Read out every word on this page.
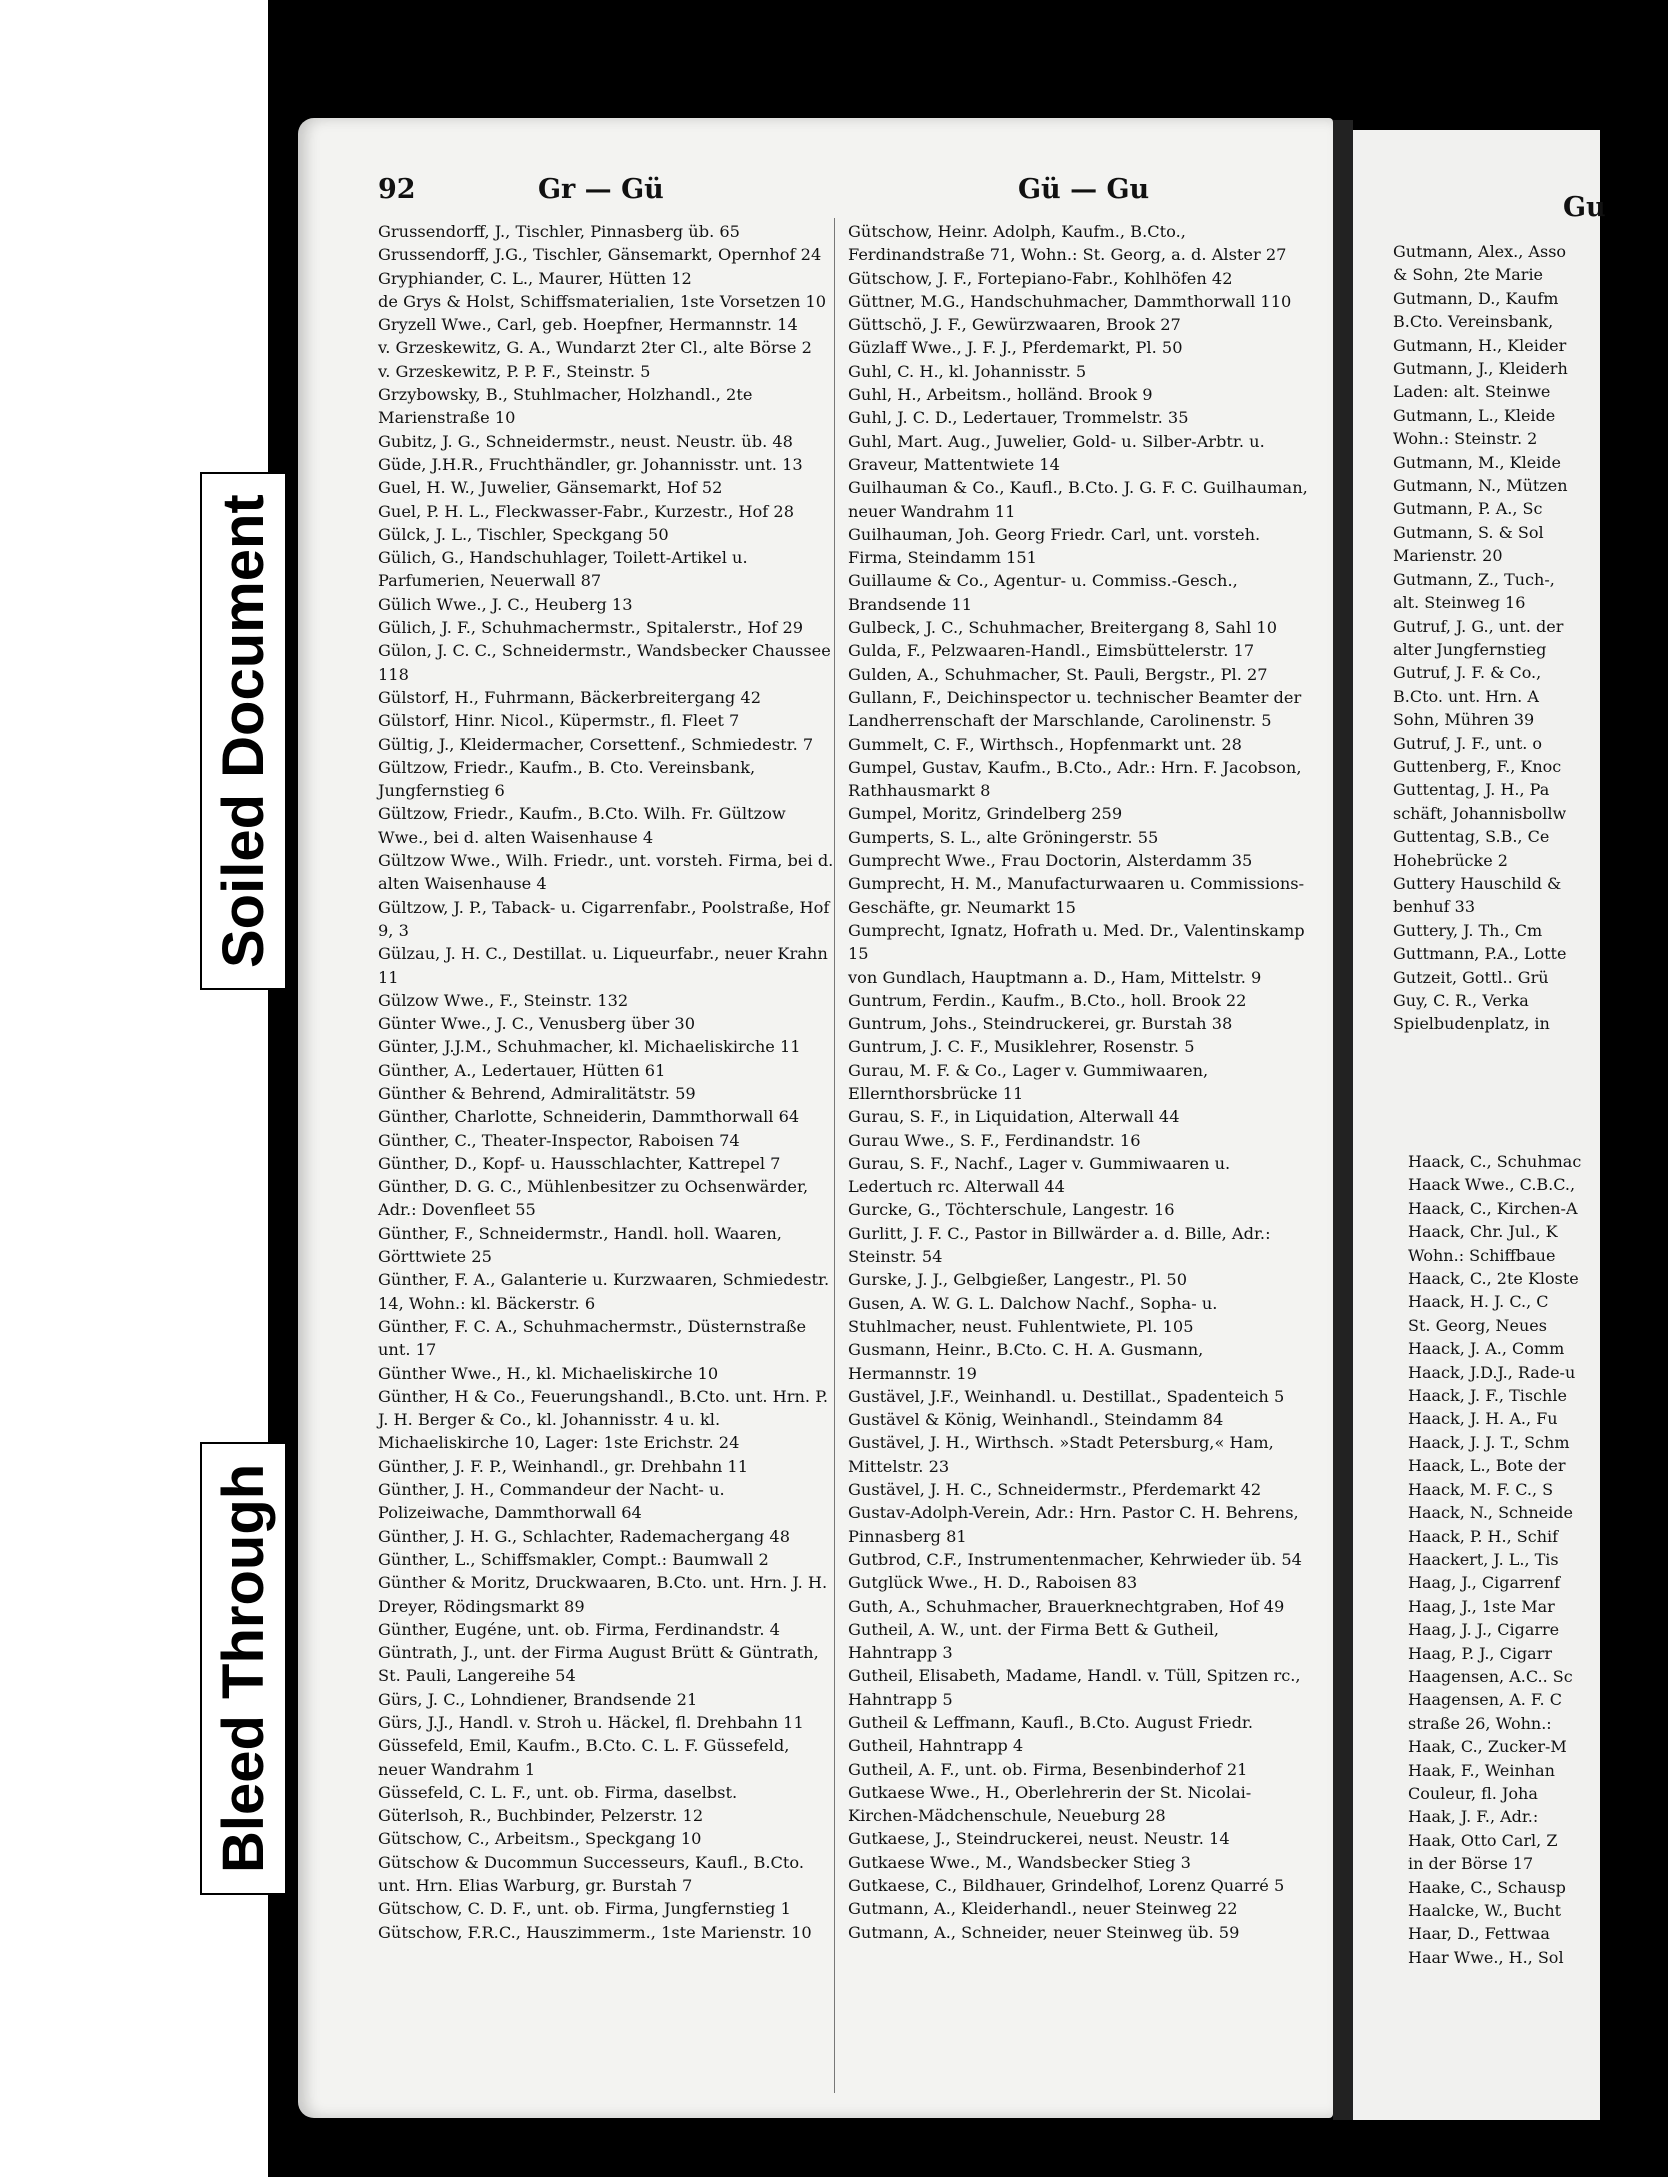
Soiled Document
Bleed Through
92	Gr — Gü	Gü — Gu
Grussendorff, J., Tischler, Pinnasberg üb. 65
Grussendorff, J.G., Tischler, Gänsemarkt, Opernhof 24
Gryphiander, C. L., Maurer, Hütten 12
de Grys & Holst, Schiffsmaterialien, 1ste Vorsetzen 10
Gryzell Wwe., Carl, geb. Hoepfner, Hermannstr. 14
v. Grzeskewitz, G. A., Wundarzt 2ter Cl., alte Börse 2
v. Grzeskewitz, P. P. F., Steinstr. 5
Grzybowsky, B., Stuhlmacher, Holzhandl., 2te Marienstraße 10
Gubitz, J. G., Schneidermstr., neust. Neustr. üb. 48
Güde, J.H.R., Fruchthändler, gr. Johannisstr. unt. 13
Guel, H. W., Juwelier, Gänsemarkt, Hof 52
Guel, P. H. L., Fleckwasser-Fabr., Kurzestr., Hof 28
Gülck, J. L., Tischler, Speckgang 50
Gülich, G., Handschuhlager, Toilett-Artikel u. Parfumerien, Neuerwall 87
Gülich Wwe., J. C., Heuberg 13
Gülich, J. F., Schuhmachermstr., Spitalerstr., Hof 29
Gülon, J. C. C., Schneidermstr., Wandsbecker Chaussee 118
Gülstorf, H., Fuhrmann, Bäckerbreitergang 42
Gülstorf, Hinr. Nicol., Küpermstr., fl. Fleet 7
Gültig, J., Kleidermacher, Corsettenf., Schmiedestr. 7
Gültzow, Friedr., Kaufm., B. Cto. Vereinsbank, Jungfernstieg 6
Gültzow, Friedr., Kaufm., B.Cto. Wilh. Fr. Gültzow Wwe., bei d. alten Waisenhause 4
Gültzow Wwe., Wilh. Friedr., unt. vorsteh. Firma, bei d. alten Waisenhause 4
Gültzow, J. P., Taback- u. Cigarrenfabr., Poolstraße, Hof 9, 3
Gülzau, J. H. C., Destillat. u. Liqueurfabr., neuer Krahn 11
Gülzow Wwe., F., Steinstr. 132
Günter Wwe., J. C., Venusberg über 30
Günter, J.J.M., Schuhmacher, kl. Michaeliskirche 11
Günther, A., Ledertauer, Hütten 61
Günther & Behrend, Admiralitätstr. 59
Günther, Charlotte, Schneiderin, Dammthorwall 64
Günther, C., Theater-Inspector, Raboisen 74
Günther, D., Kopf- u. Hausschlachter, Kattrepel 7
Günther, D. G. C., Mühlenbesitzer zu Ochsenwärder, Adr.: Dovenfleet 55
Günther, F., Schneidermstr., Handl. holl. Waaren, Görttwiete 25
Günther, F. A., Galanterie u. Kurzwaaren, Schmiedestr. 14, Wohn.: kl. Bäckerstr. 6
Günther, F. C. A., Schuhmachermstr., Düsternstraße unt. 17
Günther Wwe., H., kl. Michaeliskirche 10
Günther, H & Co., Feuerungshandl., B.Cto. unt. Hrn. P. J. H. Berger & Co., kl. Johannisstr. 4 u. kl. Michaeliskirche 10, Lager: 1ste Erichstr. 24
Günther, J. F. P., Weinhandl., gr. Drehbahn 11
Günther, J. H., Commandeur der Nacht- u. Polizeiwache, Dammthorwall 64
Günther, J. H. G., Schlachter, Rademachergang 48
Günther, L., Schiffsmakler, Compt.: Baumwall 2
Günther & Moritz, Druckwaaren, B.Cto. unt. Hrn. J. H. Dreyer, Rödingsmarkt 89
Günther, Eugéne, unt. ob. Firma, Ferdinandstr. 4
Güntrath, J., unt. der Firma August Brütt & Güntrath, St. Pauli, Langereihe 54
Gürs, J. C., Lohndiener, Brandsende 21
Gürs, J.J., Handl. v. Stroh u. Häckel, fl. Drehbahn 11
Güssefeld, Emil, Kaufm., B.Cto. C. L. F. Güssefeld, neuer Wandrahm 1
Güssefeld, C. L. F., unt. ob. Firma, daselbst.
Güterlsoh, R., Buchbinder, Pelzerstr. 12
Gütschow, C., Arbeitsm., Speckgang 10
Gütschow & Ducommun Successeurs, Kaufl., B.Cto. unt. Hrn. Elias Warburg, gr. Burstah 7
Gütschow, C. D. F., unt. ob. Firma, Jungfernstieg 1
Gütschow, F.R.C., Hauszimmerm., 1ste Marienstr. 10
Gütschow, Heinr. Adolph, Kaufm., B.Cto., Ferdinandstraße 71, Wohn.: St. Georg, a. d. Alster 27
Gütschow, J. F., Fortepiano-Fabr., Kohlhöfen 42
Güttner, M.G., Handschuhmacher, Dammthorwall 110
Güttschö, J. F., Gewürzwaaren, Brook 27
Güzlaff Wwe., J. F. J., Pferdemarkt, Pl. 50
Guhl, C. H., kl. Johannisstr. 5
Guhl, H., Arbeitsm., holländ. Brook 9
Guhl, J. C. D., Ledertauer, Trommelstr. 35
Guhl, Mart. Aug., Juwelier, Gold- u. Silber-Arbtr. u. Graveur, Mattentwiete 14
Guilhauman & Co., Kaufl., B.Cto. J. G. F. C. Guilhauman, neuer Wandrahm 11
Guilhauman, Joh. Georg Friedr. Carl, unt. vorsteh. Firma, Steindamm 151
Guillaume & Co., Agentur- u. Commiss.-Gesch., Brandsende 11
Gulbeck, J. C., Schuhmacher, Breitergang 8, Sahl 10
Gulda, F., Pelzwaaren-Handl., Eimsbüttelerstr. 17
Gulden, A., Schuhmacher, St. Pauli, Bergstr., Pl. 27
Gullann, F., Deichinspector u. technischer Beamter der Landherrenschaft der Marschlande, Carolinenstr. 5
Gummelt, C. F., Wirthsch., Hopfenmarkt unt. 28
Gumpel, Gustav, Kaufm., B.Cto., Adr.: Hrn. F. Jacobson, Rathhausmarkt 8
Gumpel, Moritz, Grindelberg 259
Gumperts, S. L., alte Gröningerstr. 55
Gumprecht Wwe., Frau Doctorin, Alsterdamm 35
Gumprecht, H. M., Manufacturwaaren u. Commissions-Geschäfte, gr. Neumarkt 15
Gumprecht, Ignatz, Hofrath u. Med. Dr., Valentinskamp 15
von Gundlach, Hauptmann a. D., Ham, Mittelstr. 9
Guntrum, Ferdin., Kaufm., B.Cto., holl. Brook 22
Guntrum, Johs., Steindruckerei, gr. Burstah 38
Guntrum, J. C. F., Musiklehrer, Rosenstr. 5
Gurau, M. F. & Co., Lager v. Gummiwaaren, Ellernthorsbrücke 11
Gurau, S. F., in Liquidation, Alterwall 44
Gurau Wwe., S. F., Ferdinandstr. 16
Gurau, S. F., Nachf., Lager v. Gummiwaaren u. Ledertuch rc. Alterwall 44
Gurcke, G., Töchterschule, Langestr. 16
Gurlitt, J. F. C., Pastor in Billwärder a. d. Bille, Adr.: Steinstr. 54
Gurske, J. J., Gelbgießer, Langestr., Pl. 50
Gusen, A. W. G. L. Dalchow Nachf., Sopha- u. Stuhlmacher, neust. Fuhlentwiete, Pl. 105
Gusmann, Heinr., B.Cto. C. H. A. Gusmann, Hermannstr. 19
Gustävel, J.F., Weinhandl. u. Destillat., Spadenteich 5
Gustävel & König, Weinhandl., Steindamm 84
Gustävel, J. H., Wirthsch. »Stadt Petersburg,« Ham, Mittelstr. 23
Gustävel, J. H. C., Schneidermstr., Pferdemarkt 42
Gustav-Adolph-Verein, Adr.: Hrn. Pastor C. H. Behrens, Pinnasberg 81
Gutbrod, C.F., Instrumentenmacher, Kehrwieder üb. 54
Gutglück Wwe., H. D., Raboisen 83
Guth, A., Schuhmacher, Brauerknechtgraben, Hof 49
Gutheil, A. W., unt. der Firma Bett & Gutheil, Hahntrapp 3
Gutheil, Elisabeth, Madame, Handl. v. Tüll, Spitzen rc., Hahntrapp 5
Gutheil & Leffmann, Kaufl., B.Cto. August Friedr. Gutheil, Hahntrapp 4
Gutheil, A. F., unt. ob. Firma, Besenbinderhof 21
Gutkaese Wwe., H., Oberlehrerin der St. Nicolai-Kirchen-Mädchenschule, Neueburg 28
Gutkaese, J., Steindruckerei, neust. Neustr. 14
Gutkaese Wwe., M., Wandsbecker Stieg 3
Gutkaese, C., Bildhauer, Grindelhof, Lorenz Quarré 5
Gutmann, A., Kleiderhandl., neuer Steinweg 22
Gutmann, A., Schneider, neuer Steinweg üb. 59
Gu
Gutmann, Alex., Asso
& Sohn, 2te Marie
Gutmann, D., Kaufm
B.Cto. Vereinsbank,
Gutmann, H., Kleider
Gutmann, J., Kleiderh
Laden: alt. Steinwe
Gutmann, L., Kleide
Wohn.: Steinstr. 2
Gutmann, M., Kleide
Gutmann, N., Mützen
Gutmann, P. A., Sc
Gutmann, S. & Sol
Marienstr. 20
Gutmann, Z., Tuch-,
alt. Steinweg 16
Gutruf, J. G., unt. der
alter Jungfernstieg
Gutruf, J. F. & Co.,
B.Cto. unt. Hrn. A
Sohn, Mühren 39
Gutruf, J. F., unt. o
Guttenberg, F., Knoc
Guttentag, J. H., Pa
schäft, Johannisbollw
Guttentag, S.B., Ce
Hohebrücke 2
Guttery Hauschild &
benhuf 33
Guttery, J. Th., Cm
Guttmann, P.A., Lotte
Gutzeit, Gottl.. Grü
Guy, C. R., Verka
Spielbudenplatz, in
Haack, C., Schuhmac
Haack Wwe., C.B.C.,
Haack, C., Kirchen-A
Haack, Chr. Jul., K
Wohn.: Schiffbaue
Haack, C., 2te Kloste
Haack, H. J. C., C
St. Georg, Neues
Haack, J. A., Comm
Haack, J.D.J., Rade-u
Haack, J. F., Tischle
Haack, J. H. A., Fu
Haack, J. J. T., Schm
Haack, L., Bote der
Haack, M. F. C., S
Haack, N., Schneide
Haack, P. H., Schif
Haackert, J. L., Tis
Haag, J., Cigarrenf
Haag, J., 1ste Mar
Haag, J. J., Cigarre
Haag, P. J., Cigarr
Haagensen, A.C.. Sc
Haagensen, A. F. C
straße 26, Wohn.:
Haak, C., Zucker-M
Haak, F., Weinhan
Couleur, fl. Joha
Haak, J. F., Adr.:
Haak, Otto Carl, Z
in der Börse 17
Haake, C., Schausp
Haalcke, W., Bucht
Haar, D., Fettwaa
Haar Wwe., H., Sol
